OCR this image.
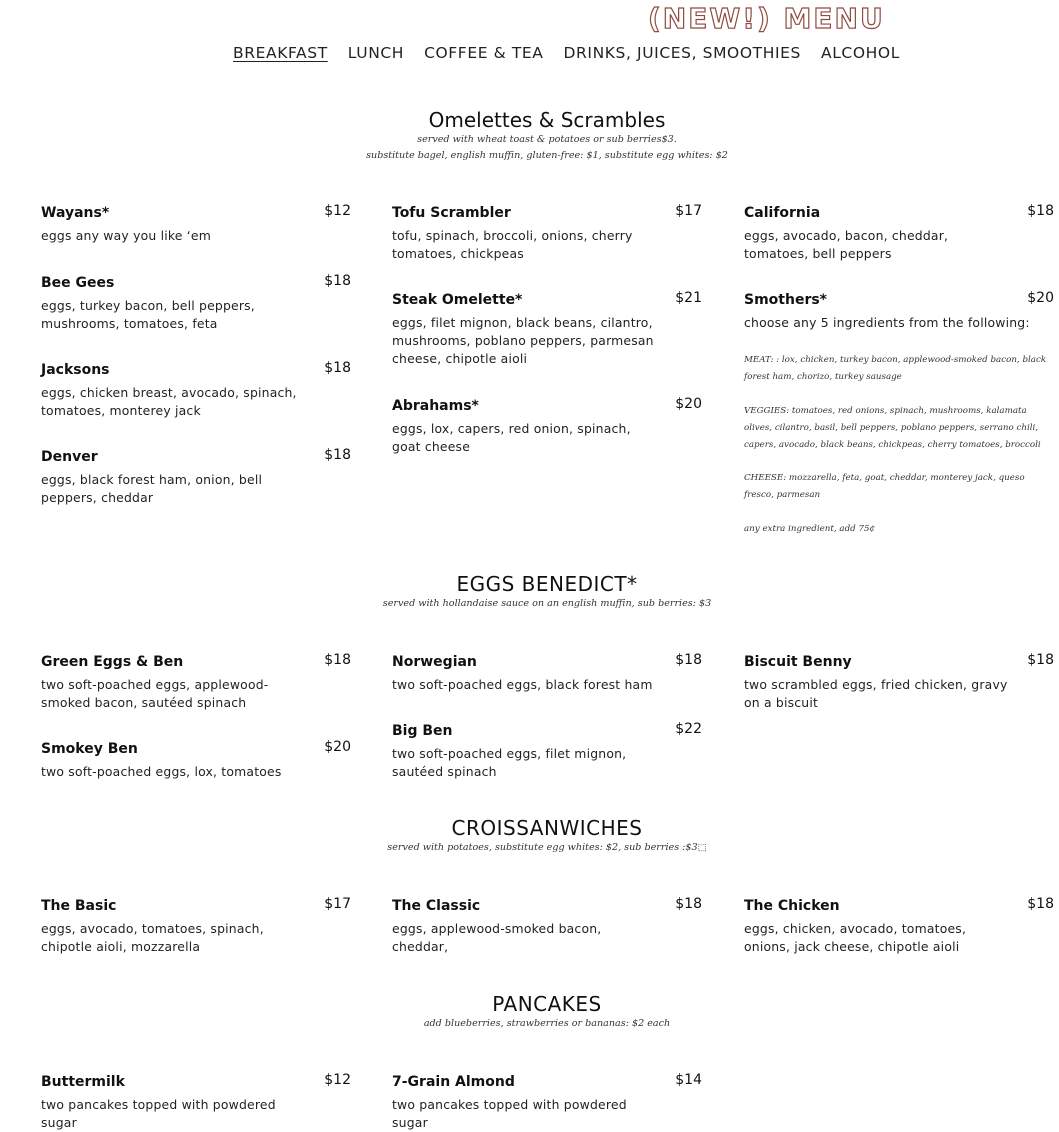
(NEW!) MENU
BREAKFAST LUNCH COFFEE & TEA DRINKS, JUICES, SMOOTHIES ALCOHOL
Omelettes & Scrambles
served with wheat toast & potatoes or sub berries$3.
substitute bagel, english muffin, gluten-free: $1, substitute egg whites: $2
Wayans*	$12
eggs any way you like ‘em
Bee Gees	$18
eggs, turkey bacon, bell peppers, mushrooms, tomatoes, feta
Jacksons	$18
eggs, chicken breast, avocado, spinach, tomatoes, monterey jack
Denver	$18
eggs, black forest ham, onion, bell peppers, cheddar
Tofu Scrambler	$17
tofu, spinach, broccoli, onions, cherry tomatoes, chickpeas
Steak Omelette*	$21
eggs, filet mignon, black beans, cilantro, mushrooms, poblano peppers, parmesan cheese, chipotle aioli
Abrahams*	$20
eggs, lox, capers, red onion, spinach, goat cheese
California	$18
eggs, avocado, bacon, cheddar, tomatoes, bell peppers
Smothers*	$20
choose any 5 ingredients from the following:
MEAT: : lox, chicken, turkey bacon, applewood-smoked bacon, black forest ham, chorizo, turkey sausage
VEGGIES: tomatoes, red onions, spinach, mushrooms, kalamata olives, cilantro, basil, bell peppers, poblano peppers, serrano chili, capers, avocado, black beans, chickpeas, cherry tomatoes, broccoli
CHEESE: mozzarella, feta, goat, cheddar, monterey jack, queso fresco, parmesan
any extra ingredient, add 75¢
EGGS BENEDICT*
served with hollandaise sauce on an english muffin, sub berries: $3
Green Eggs & Ben	$18
two soft-poached eggs, applewood-smoked bacon, sautéed spinach
Smokey Ben	$20
two soft-poached eggs, lox, tomatoes
Norwegian	$18
two soft-poached eggs, black forest ham
Big Ben	$22
two soft-poached eggs, filet mignon, sautéed spinach
Biscuit Benny	$18
two scrambled eggs, fried chicken, gravy on a biscuit
CROISSANWICHES
served with potatoes, substitute egg whites: $2, sub berries :$3⬚
The Basic	$17
eggs, avocado, tomatoes, spinach, chipotle aioli, mozzarella
The Classic	$18
eggs, applewood-smoked bacon, cheddar,
The Chicken	$18
eggs, chicken, avocado, tomatoes, onions, jack cheese, chipotle aioli
PANCAKES
add blueberries, strawberries or bananas: $2 each
Buttermilk	$12
two pancakes topped with powdered sugar
7-Grain Almond	$14
two pancakes topped with powdered sugar
